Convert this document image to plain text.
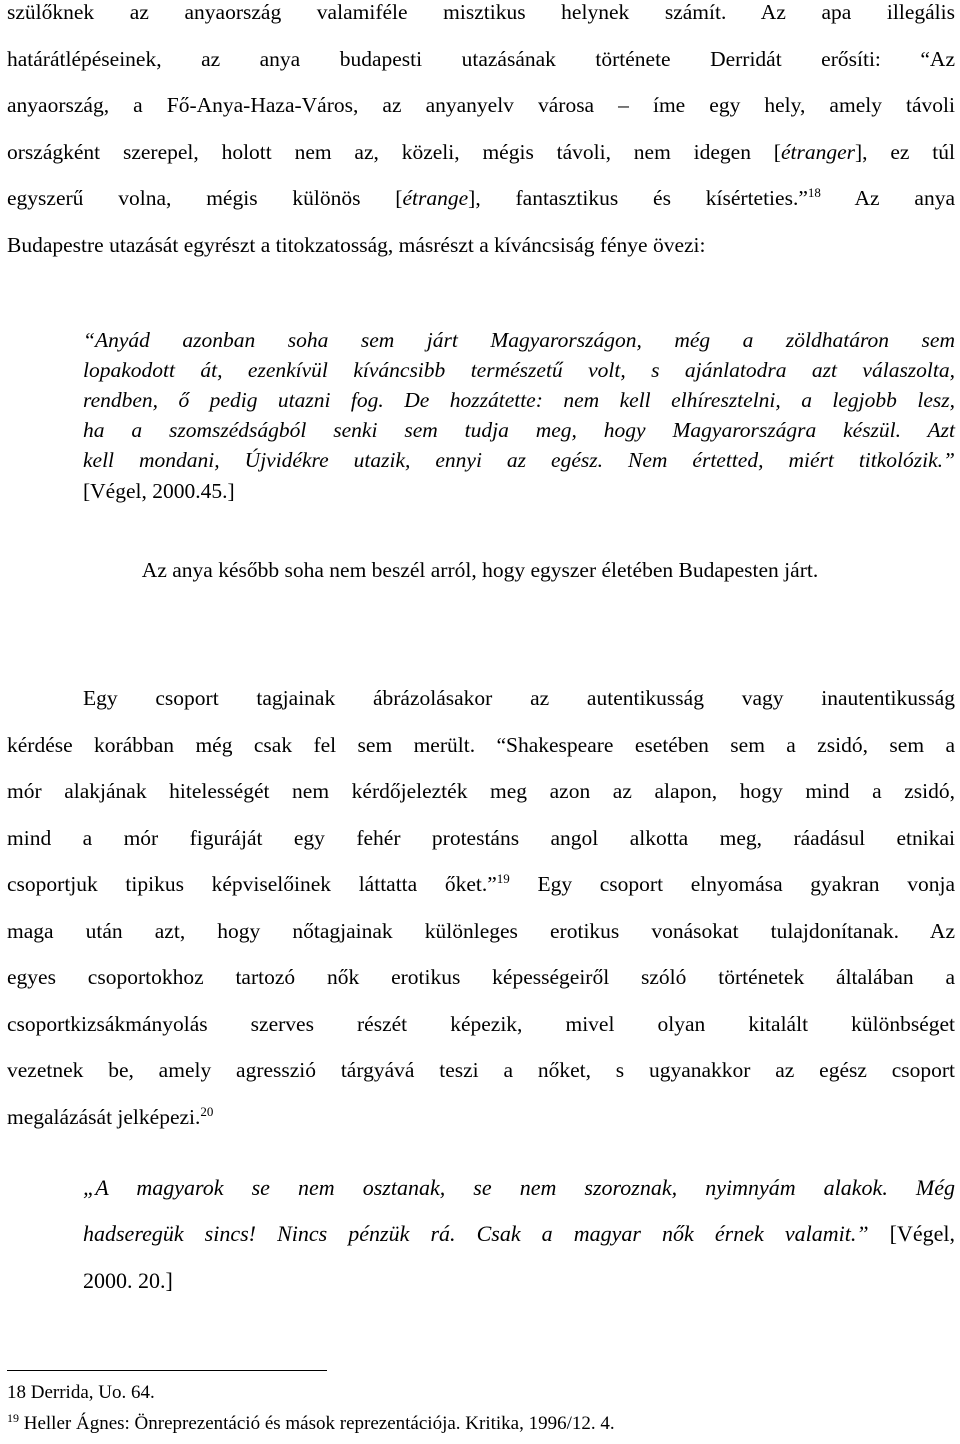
szülőknek az anyaország valamiféle misztikus helynek számít. Az apa illegális
határátlépéseinek, az anya budapesti utazásának története Derridát erősíti: “Az
anyaország, a Fő-Anya-Haza-Város, az anyanyelv városa – íme egy hely, amely távoli
országként szerepel, holott nem az, közeli, mégis távoli, nem idegen [étranger], ez túl
egyszerű volna, mégis különös [étrange], fantasztikus és kísérteties.”$^{18}$ Az anya
Budapestre utazását egyrészt a titokzatosság, másrészt a kíváncsiság fénye övezi:
“Anyád azonban soha sem járt Magyarországon, még a zöldhatáron sem
lopakodott át, ezenkívül kíváncsibb természetű volt, s ajánlatodra azt válaszolta,
rendben, ő pedig utazni fog. De hozzátette: nem kell elhíresztelni, a legjobb lesz,
ha a szomszédságból senki sem tudja meg, hogy Magyarországra készül. Azt
kell mondani, Újvidékre utazik, ennyi az egész. Nem értetted, miért titkolózik.”
[Végel, 2000.45.]
Az anya később soha nem beszél arról, hogy egyszer életében Budapesten járt.
Egy csoport tagjainak ábrázolásakor az autentikusság vagy inautentikusság
kérdése korábban még csak fel sem merült. “Shakespeare esetében sem a zsidó, sem a
mór alakjának hitelességét nem kérdőjelezték meg azon az alapon, hogy mind a zsidó,
mind a mór figuráját egy fehér protestáns angol alkotta meg, ráadásul etnikai
csoportjuk tipikus képviselőinek láttatta őket.”$^{19}$ Egy csoport elnyomása gyakran vonja
maga után azt, hogy nőtagjainak különleges erotikus vonásokat tulajdonítanak. Az
egyes csoportokhoz tartozó nők erotikus képességeiről szóló történetek általában a
csoportkizsákmányolás szerves részét képezik, mivel olyan kitalált különbséget
vezetnek be, amely agresszió tárgyává teszi a nőket, s ugyanakkor az egész csoport
megalázását jelképezi.$^{20}$
„A magyarok se nem osztanak, se nem szoroznak, nyimnyám alakok. Még
hadseregük sincs! Nincs pénzük rá. Csak a magyar nők érnek valamit.” [Végel,
2000. 20.]
18 Derrida, Uo. 64.
$^{19}$ Heller Ágnes: Önreprezentáció és mások reprezentációja. Kritika, 1996/12. 4.
